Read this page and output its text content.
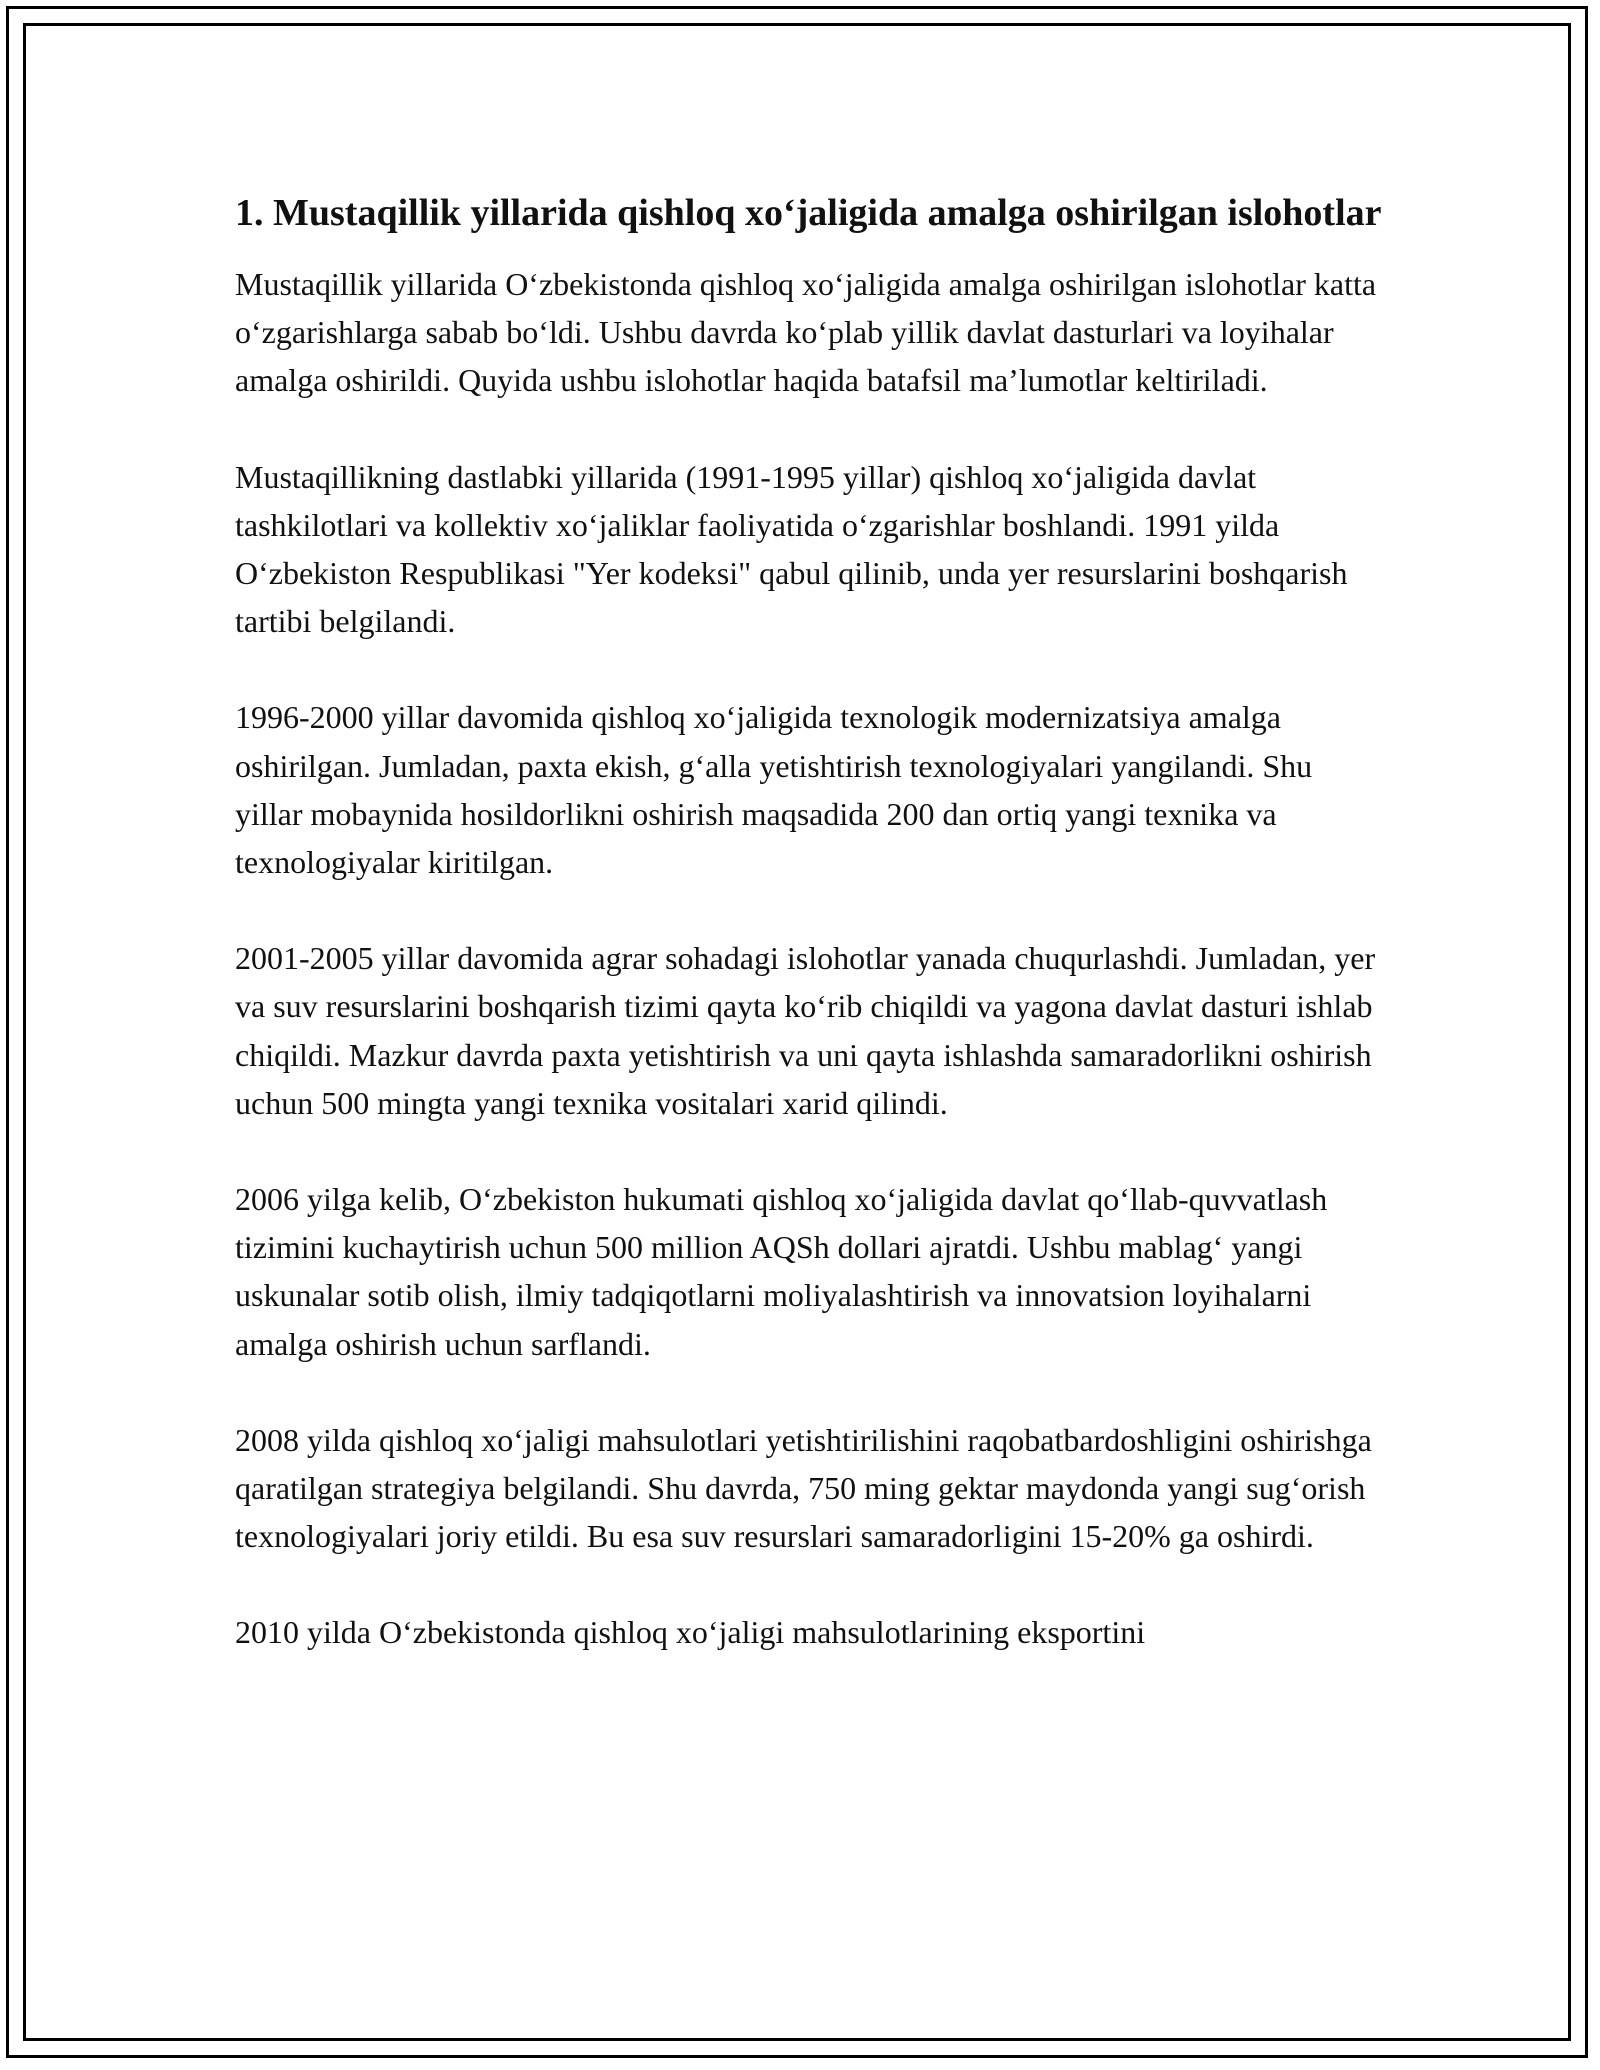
1. Mustaqillik yillarida qishloq xo‘jaligida amalga oshirilgan islohotlar

Mustaqillik yillarida O‘zbekistonda qishloq xo‘jaligida amalga oshirilgan islohotlar katta o‘zgarishlarga sabab bo‘ldi. Ushbu davrda ko‘plab yillik davlat dasturlari va loyihalar amalga oshirildi. Quyida ushbu islohotlar haqida batafsil ma’lumotlar keltiriladi.

Mustaqillikning dastlabki yillarida (1991-1995 yillar) qishloq xo‘jaligida davlat tashkilotlari va kollektiv xo‘jaliklar faoliyatida o‘zgarishlar boshlandi. 1991 yilda O‘zbekiston Respublikasi "Yer kodeksi" qabul qilinib, unda yer resurslarini boshqarish tartibi belgilandi.

1996-2000 yillar davomida qishloq xo‘jaligida texnologik modernizatsiya amalga oshirilgan. Jumladan, paxta ekish, g‘alla yetishtirish texnologiyalari yangilandi. Shu yillar mobaynida hosildorlikni oshirish maqsadida 200 dan ortiq yangi texnika va texnologiyalar kiritilgan.

2001-2005 yillar davomida agrar sohadagi islohotlar yanada chuqurlashdi. Jumladan, yer va suv resurslarini boshqarish tizimi qayta ko‘rib chiqildi va yagona davlat dasturi ishlab chiqildi. Mazkur davrda paxta yetishtirish va uni qayta ishlashda samaradorlikni oshirish uchun 500 mingta yangi texnika vositalari xarid qilindi.

2006 yilga kelib, O‘zbekiston hukumati qishloq xo‘jaligida davlat qo‘llab-quvvatlash tizimini kuchaytirish uchun 500 million AQSh dollari ajratdi. Ushbu mablag‘ yangi uskunalar sotib olish, ilmiy tadqiqotlarni moliyalashtirish va innovatsion loyihalarni amalga oshirish uchun sarflandi.

2008 yilda qishloq xo‘jaligi mahsulotlari yetishtirilishini raqobatbardoshligini oshirishga qaratilgan strategiya belgilandi. Shu davrda, 750 ming gektar maydonda yangi sug‘orish texnologiyalari joriy etildi. Bu esa suv resurslari samaradorligini 15-20% ga oshirdi.

2010 yilda O‘zbekistonda qishloq xo‘jaligi mahsulotlarining eksportini
